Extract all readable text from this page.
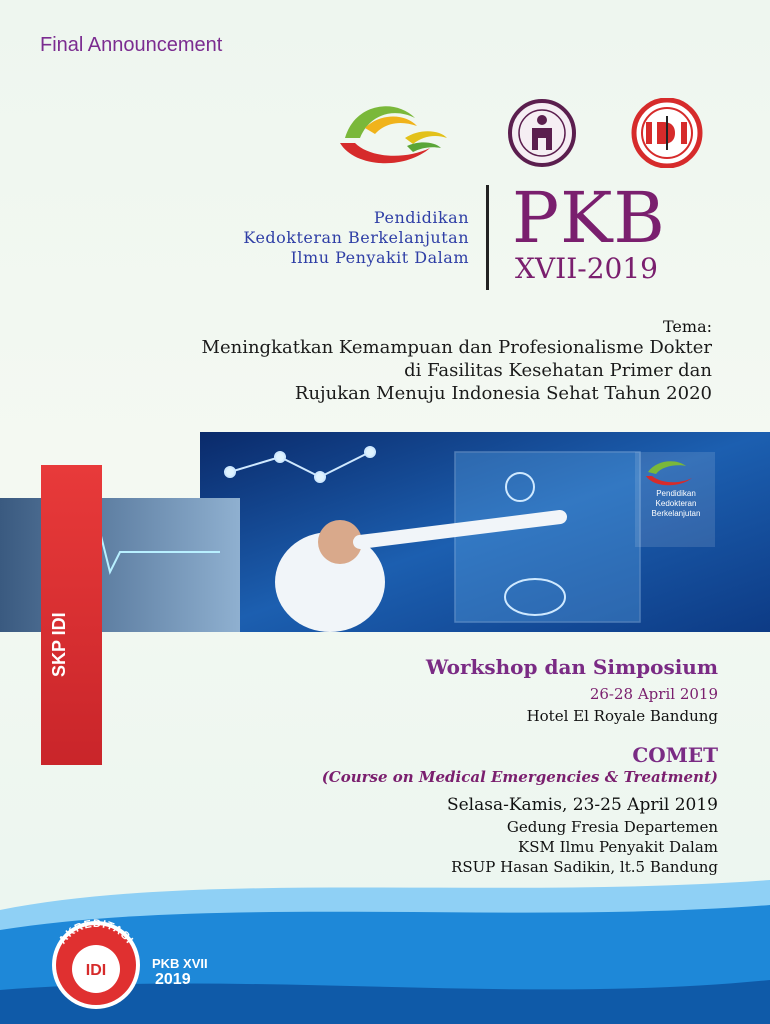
Final Announcement
Pendidikan
Kedokteran Berkelanjutan
Ilmu Penyakit Dalam PKB
XVII-2019
Tema:
Meningkatkan Kemampuan dan Profesionalisme Dokter
di Fasilitas Kesehatan Primer dan
Rujukan Menuju Indonesia Sehat Tahun 2020
Pendidikan
Kedokteran
Berkelanjutan
SKP IDI	Workshop dan Simposium
26-28 April 2019
Hotel El Royale Bandung
COMET
(Course on Medical Emergencies & Treatment)
Selasa-Kamis, 23-25 April 2019
Gedung Fresia Departemen
KSM Ilmu Penyakit Dalam
RSUP Hasan Sadikin, lt.5 Bandung
AKREDITASI
IDI	PKB XVII
2019
